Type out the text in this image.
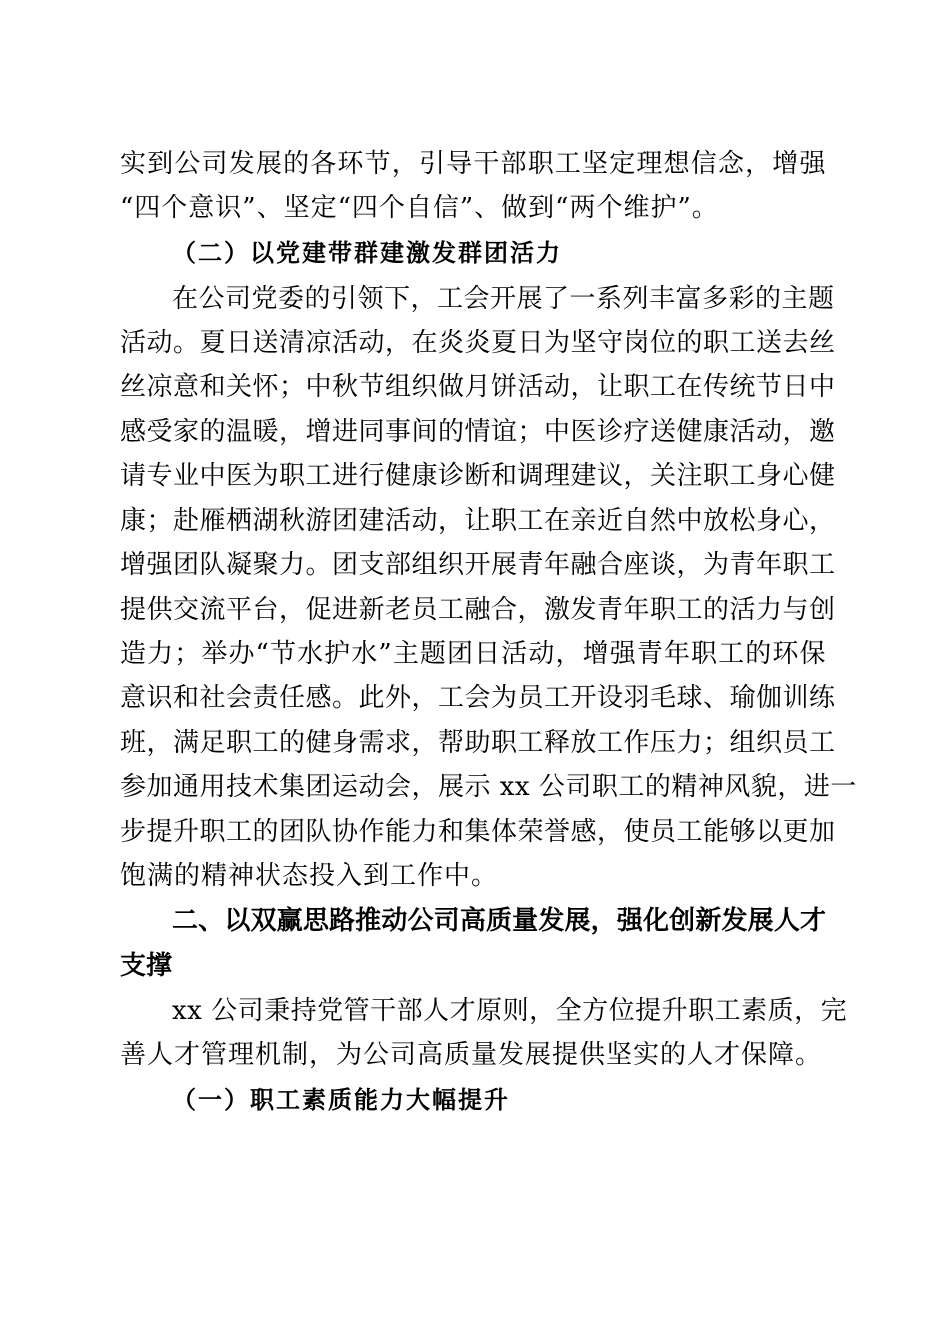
实到公司发展的各环节，引导干部职工坚定理想信念，增强
“四个意识”、坚定“四个自信”、做到“两个维护”。
（二）以党建带群建激发群团活力
在公司党委的引领下，工会开展了一系列丰富多彩的主题
活动。夏日送清凉活动，在炎炎夏日为坚守岗位的职工送去丝
丝凉意和关怀；中秋节组织做月饼活动，让职工在传统节日中
感受家的温暖，增进同事间的情谊；中医诊疗送健康活动，邀
请专业中医为职工进行健康诊断和调理建议，关注职工身心健
康；赴雁栖湖秋游团建活动，让职工在亲近自然中放松身心，
增强团队凝聚力。团支部组织开展青年融合座谈，为青年职工
提供交流平台，促进新老员工融合，激发青年职工的活力与创
造力；举办“节水护水”主题团日活动，增强青年职工的环保
意识和社会责任感。此外，工会为员工开设羽毛球、瑜伽训练
班，满足职工的健身需求，帮助职工释放工作压力；组织员工
参加通用技术集团运动会，展示 xx 公司职工的精神风貌，进一
步提升职工的团队协作能力和集体荣誉感，使员工能够以更加
饱满的精神状态投入到工作中。
二、以双赢思路推动公司高质量发展，强化创新发展人才
支撑
xx 公司秉持党管干部人才原则，全方位提升职工素质，完
善人才管理机制，为公司高质量发展提供坚实的人才保障。
（一）职工素质能力大幅提升
